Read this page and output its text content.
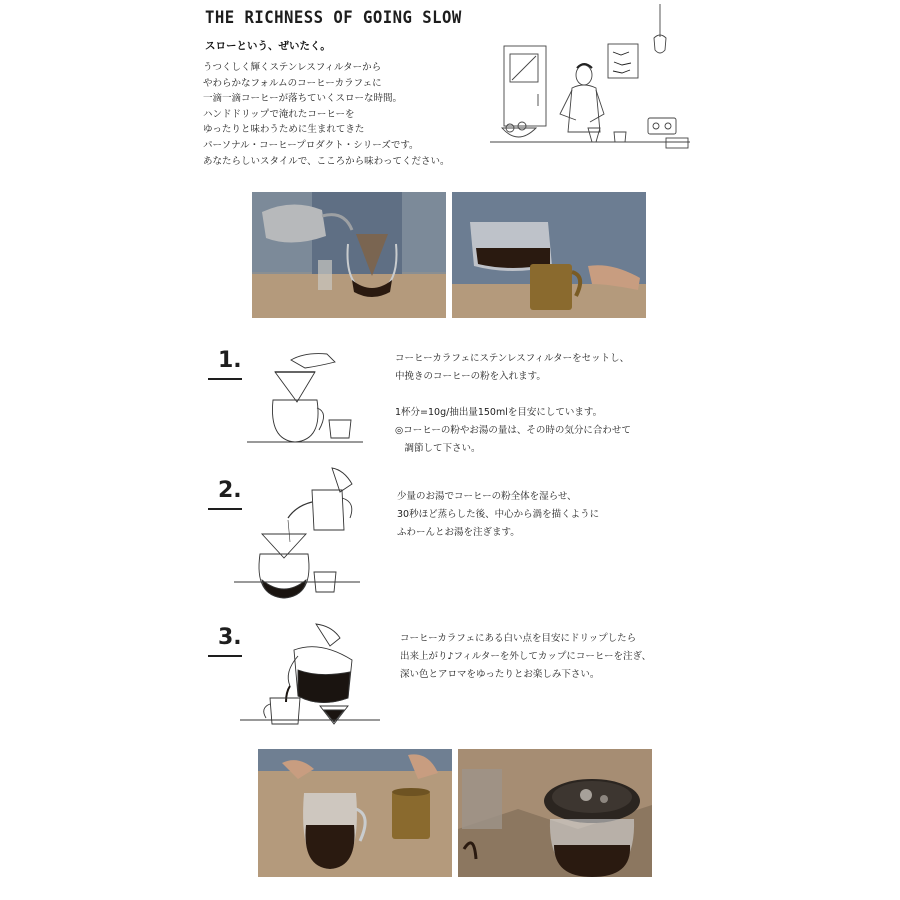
THE RICHNESS OF GOING SLOW
スローという、ぜいたく。
うつくしく輝くステンレスフィルターから
やわらかなフォルムのコーヒーカラフェに
一滴一滴コーヒーが落ちていくスローな時間。
ハンドドリップで淹れたコーヒーを
ゆったりと味わうために生まれてきた
パーソナル・コーヒープロダクト・シリーズです。
あなたらしいスタイルで、こころから味わってください。
1.	コーヒーカラフェにステンレスフィルターをセットし、
中挽きのコーヒーの粉を入れます。
1杯分=10g/抽出量150mlを目安にしています。
◎コーヒーの粉やお湯の量は、その時の気分に合わせて
　調節して下さい。
2.	少量のお湯でコーヒーの粉全体を湿らせ、
30秒ほど蒸らした後、中心から渦を描くように
ふわーんとお湯を注ぎます。
3.	コーヒーカラフェにある白い点を目安にドリップしたら
出来上がり♪フィルターを外してカップにコーヒーを注ぎ、
深い色とアロマをゆったりとお楽しみ下さい。
